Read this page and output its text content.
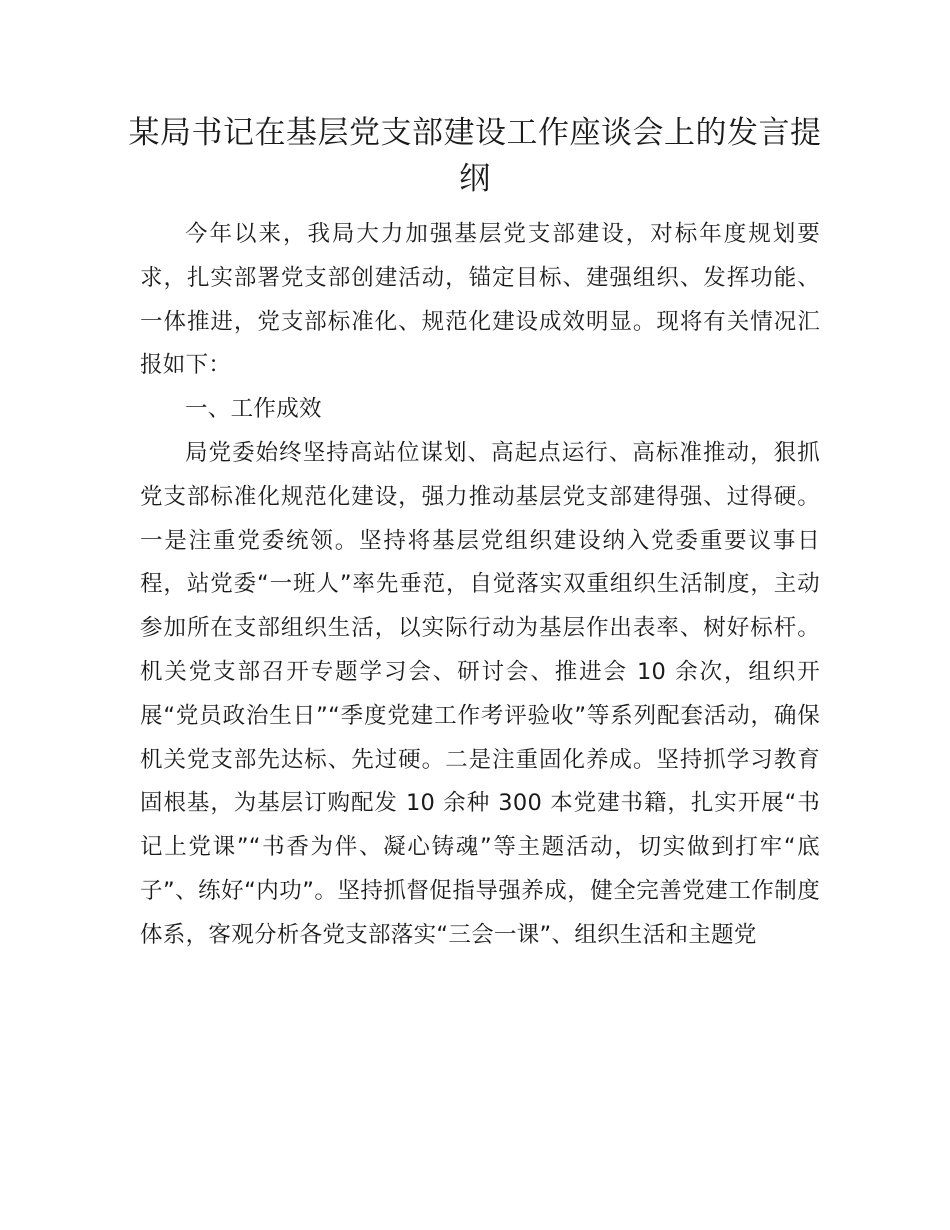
某局书记在基层党支部建设工作座谈会上的发言提纲

今年以来，我局大力加强基层党支部建设，对标年度规划要求，扎实部署党支部创建活动，锚定目标、建强组织、发挥功能、一体推进，党支部标准化、规范化建设成效明显。现将有关情况汇报如下：

一、工作成效

局党委始终坚持高站位谋划、高起点运行、高标准推动，狠抓党支部标准化规范化建设，强力推动基层党支部建得强、过得硬。一是注重党委统领。坚持将基层党组织建设纳入党委重要议事日程，站党委“一班人”率先垂范，自觉落实双重组织生活制度，主动参加所在支部组织生活，以实际行动为基层作出表率、树好标杆。机关党支部召开专题学习会、研讨会、推进会 10 余次，组织开展“党员政治生日”“季度党建工作考评验收”等系列配套活动，确保机关党支部先达标、先过硬。二是注重固化养成。坚持抓学习教育固根基，为基层订购配发 10 余种 300 本党建书籍，扎实开展“书记上党课”“书香为伴、凝心铸魂”等主题活动，切实做到打牢“底子”、练好“内功”。坚持抓督促指导强养成，健全完善党建工作制度体系，客观分析各党支部落实“三会一课”、组织生活和主题党
